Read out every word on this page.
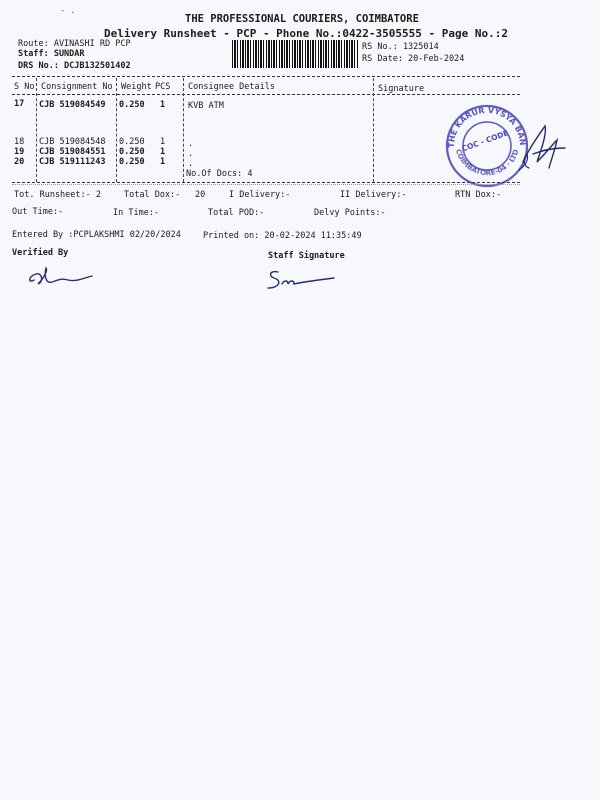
- .
THE PROFESSIONAL COURIERS, COIMBATORE
Delivery Runsheet - PCP - Phone No.:0422-3505555 - Page No.:2
Route: AVINASHI RD PCP
Staff: SUNDAR
DRS No.: DCJB132501402
RS No.: 1325014
RS Date: 20-Feb-2024
S No Consignment No Weight PCS Consignee Details	Signature
17 CJB 519084549 0.250 1	KVB ATM
18 CJB 519084548 0.250 1	.
19 CJB 519084551 0.250 1	.
20 CJB 519111243 0.250 1	.
No.Of Docs: 4
THE KARUR VYSYA BANK
COIMBATORE-04 · LTD
COC - CODE
Tot. Runsheet:- 2	Total Dox:- 20	I Delivery:-	II Delivery:-	RTN Dox:-
Out Time:-	In Time:-	Total POD:-	Delvy Points:-
Entered By :PCPLAKSHMI 02/20/2024	Printed on: 20-02-2024 11:35:49
Verified By	Staff Signature
